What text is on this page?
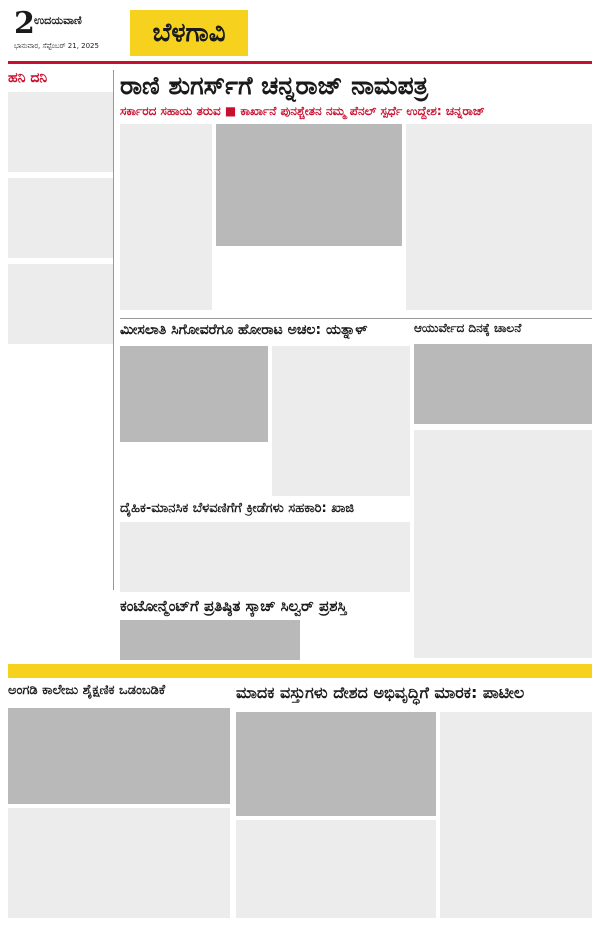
2 ಉದಯವಾಣಿ
ಭಾನುವಾರ, ಸೆಪ್ಟೆಂಬರ್ 21, 2025	ಬೆಳಗಾವಿ
ಹನಿ ದನಿ	ರಾಣಿ ಶುಗರ್ಸ್‌ಗೆ ಚನ್ನರಾಜ್ ನಾಮಪತ್ರ
ಸರ್ಕಾರದ ಸಹಾಯ ತರುವ ■ ಕಾರ್ಖಾನೆ ಪುನಶ್ಚೇತನ ನಮ್ಮ ಪೆನಲ್ ಸ್ಪರ್ಧೆ ಉದ್ದೇಶ: ಚನ್ನರಾಜ್
ಮೀಸಲಾತಿ ಸಿಗೋವರೆಗೂ ಹೋರಾಟ ಅಚಲ: ಯತ್ನಾಳ್	ಆಯುರ್ವೇದ ದಿನಕ್ಕೆ ಚಾಲನೆ
ದೈಹಿಕ-ಮಾನಸಿಕ ಬೆಳವಣಿಗೆಗೆ ಕ್ರೀಡೆಗಳು ಸಹಕಾರಿ: ಖಾಜಿ
ಕಂಟೋನ್ಮೆಂಟ್‌ಗೆ ಪ್ರತಿಷ್ಠಿತ ಸ್ಕಾಚ್ ಸಿಲ್ವರ್ ಪ್ರಶಸ್ತಿ
ಅಂಗಡಿ ಕಾಲೇಜು ಶೈಕ್ಷಣಿಕ ಒಡಂಬಡಿಕೆ	ಮಾದಕ ವಸ್ತುಗಳು ದೇಶದ ಅಭಿವೃದ್ಧಿಗೆ ಮಾರಕ: ಪಾಟೀಲ
